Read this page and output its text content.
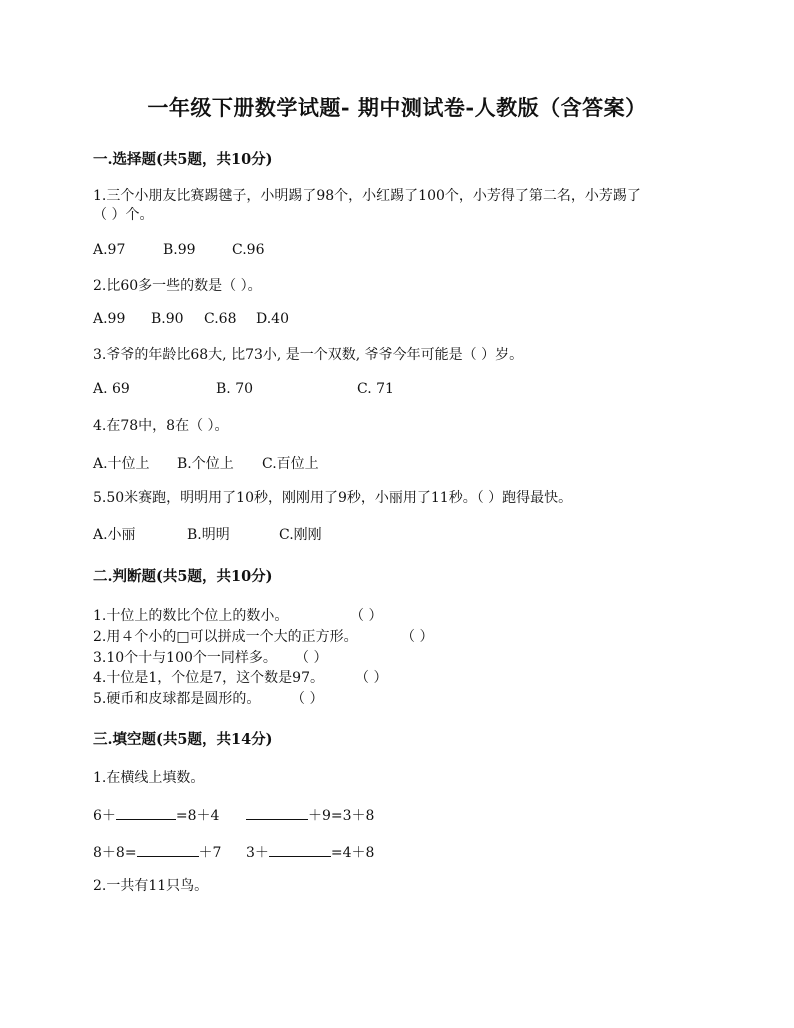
一年级下册数学试题- 期中测试卷-人教版（含答案）
一.选择题(共5题，共10分)
1.三个小朋友比赛踢毽子，小明踢了98个，小红踢了100个，小芳得了第二名，小芳踢了
（ ）个。
A.97	B.99	C.96
2.比60多一些的数是（ ）。
A.99 B.90 C.68 D.40
3.爷爷的年龄比68大, 比73小, 是一个双数, 爷爷今年可能是（ ）岁。
A. 69	B. 70	C. 71
4.在78中，8在（ ）。
A.十位上 B.个位上 C.百位上
5.50米赛跑，明明用了10秒，刚刚用了9秒，小丽用了11秒。（ ）跑得最快。
A.小丽	B.明明	C.刚刚
二.判断题(共5题，共10分)
1.十位上的数比个位上的数小。	（ ）
2.用４个小的□可以拼成一个大的正方形。	（ ）
3.10个十与100个一同样多。 （ ）
4.十位是1，个位是7，这个数是97。 （ ）
5.硬币和皮球都是圆形的。 （ ）
三.填空题(共5题，共14分)
1.在横线上填数。
6＋	=8＋4	＋9=3＋8
8＋8=	＋7 3＋	=4＋8
2.一共有11只鸟。
